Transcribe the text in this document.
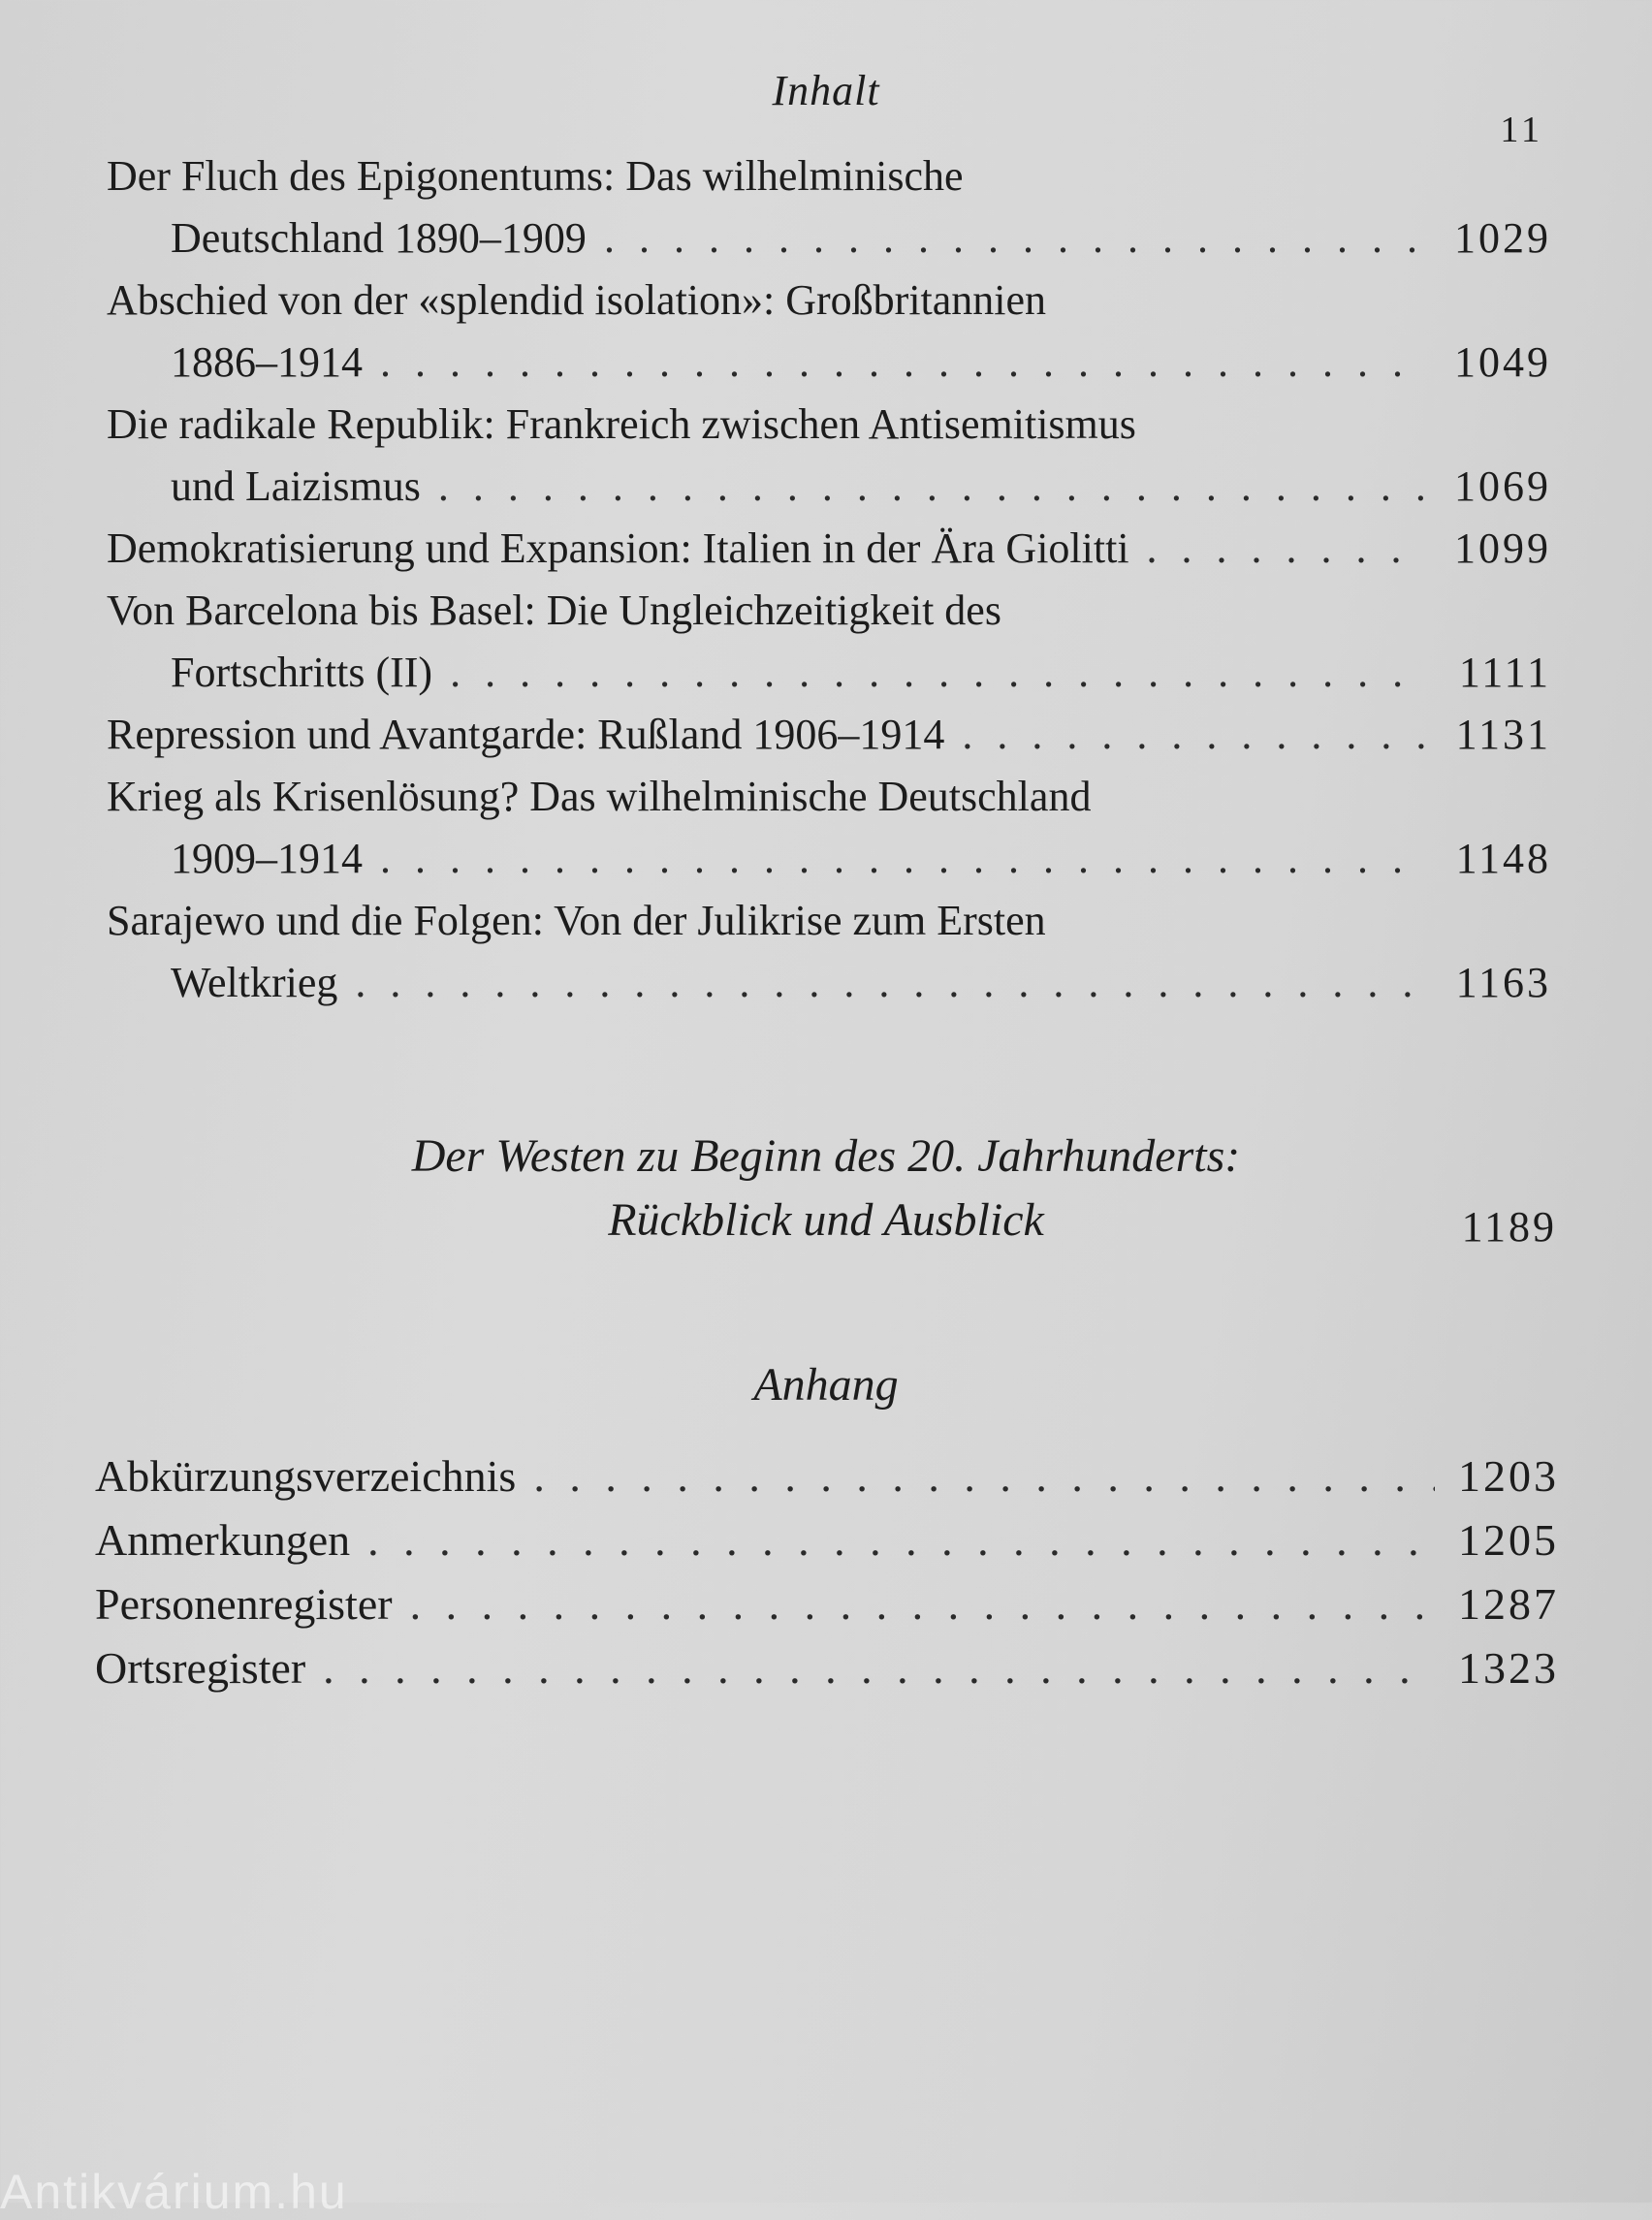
Inhalt
11
Der Fluch des Epigonentums: Das wilhelminische
Deutschland 1890–1909 . . .	1029
Abschied von der «splendid isolation»: Großbritannien
1886–1914 . . .	1049
Die radikale Republik: Frankreich zwischen Antisemitismus
und Laizismus . . .	1069
Demokratisierung und Expansion: Italien in der Ära Giolitti . . .	1099
Von Barcelona bis Basel: Die Ungleichzeitigkeit des
Fortschritts (II) . . .	1111
Repression und Avantgarde: Rußland 1906–1914 . . .	1131
Krieg als Krisenlösung? Das wilhelminische Deutschland
1909–1914 . . .	1148
Sarajewo und die Folgen: Von der Julikrise zum Ersten
Weltkrieg . . .	1163
Der Westen zu Beginn des 20. Jahrhunderts:
Rückblick und Ausblick	1189
Anhang
Abkürzungsverzeichnis . . .	1203
Anmerkungen . . .	1205
Personenregister . . .	1287
Ortsregister . . .	1323
Antikvárium.hu
